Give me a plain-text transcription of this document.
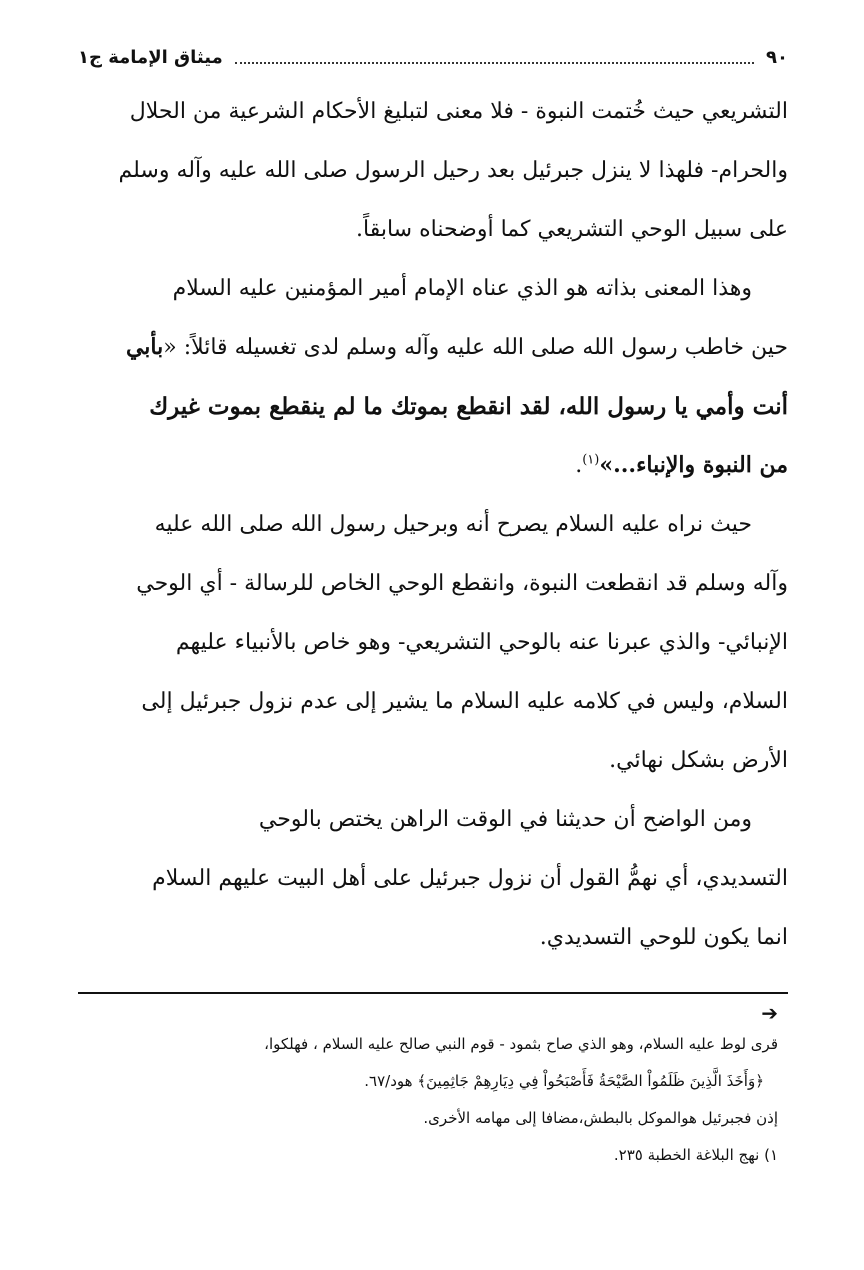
٩٠
ميثاق الإمامة ج١

التشريعي حيث خُتمت النبوة - فلا معنى لتبليغ الأحكام الشرعية من الحلال

والحرام- فلهذا لا ينزل جبرئيل بعد رحيل الرسول صلى الله عليه وآله وسلم

على سبيل الوحي التشريعي كما أوضحناه سابقاً.

وهذا المعنى بذاته هو الذي عناه الإمام أمير المؤمنين عليه السلام

حين خاطب رسول الله صلى الله عليه وآله وسلم لدى تغسيله قائلاً: «بأبي

أنت وأمي يا رسول الله، لقد انقطع بموتك ما لم ينقطع بموت غيرك

من النبوة والإنباء...»$^{(١)}$.

حيث نراه عليه السلام يصرح أنه وبرحيل رسول الله صلى الله عليه

وآله وسلم قد انقطعت النبوة، وانقطع الوحي الخاص للرسالة - أي الوحي

الإنبائي- والذي عبرنا عنه بالوحي التشريعي- وهو خاص بالأنبياء عليهم

السلام، وليس في كلامه عليه السلام ما يشير إلى عدم نزول جبرئيل إلى

الأرض بشكل نهائي.

ومن الواضح أن حديثنا في الوقت الراهن يختص بالوحي

التسديدي، أي نهمُّ القول أن نزول جبرئيل على أهل البيت عليهم السلام

انما يكون للوحي التسديدي.

➔

قرى لوط عليه السلام، وهو الذي صاح بثمود - قوم النبي صالح عليه السلام ، فهلكوا،

﴿وَأَخَذَ الَّذِينَ ظَلَمُواْ الصَّيْحَةُ فَأَصْبَحُواْ فِي دِيَارِهِمْ جَاثِمِينَ﴾ هود/٦٧.

إذن فجبرئيل هوالموكل بالبطش،مضافا إلى مهامه الأخرى.

١) نهج البلاغة الخطبة ٢٣٥.
